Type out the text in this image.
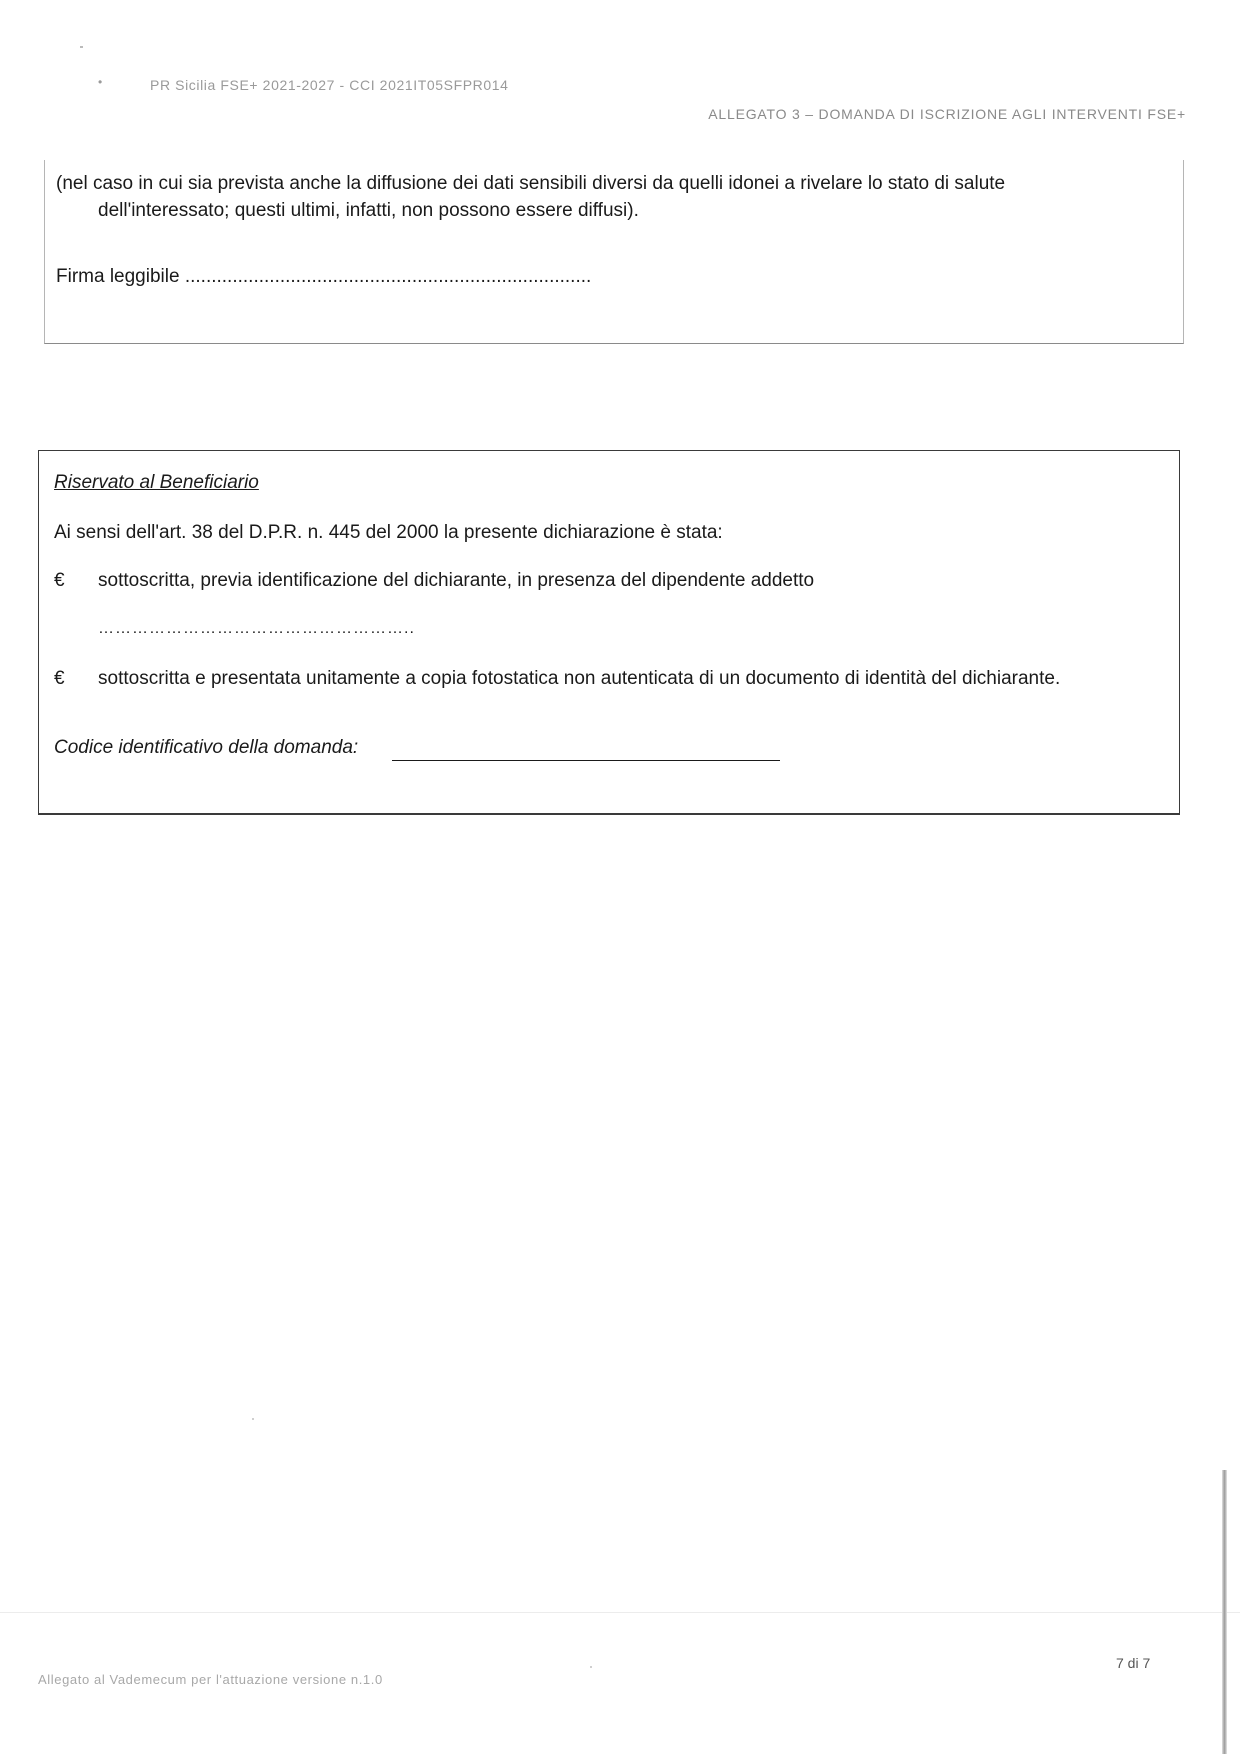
•	PR Sicilia FSE+ 2021-2027 - CCI 2021IT05SFPR014
ALLEGATO 3 – DOMANDA DI ISCRIZIONE AGLI INTERVENTI FSE+
(nel caso in cui sia prevista anche la diffusione dei dati sensibili diversi da quelli idonei a rivelare lo stato di salute
dell'interessato; questi ultimi, infatti, non possono essere diffusi).
Firma leggibile .............................................................................
Riservato al Beneficiario
Ai sensi dell'art. 38 del D.P.R. n. 445 del 2000 la presente dichiarazione è stata:
€ sottoscritta, previa identificazione del dichiarante, in presenza del dipendente addetto
………………………………………………..
€ sottoscritta e presentata unitamente a copia fotostatica non autenticata di un documento di identità del dichiarante.
Codice identificativo della domanda:
Allegato al Vademecum per l'attuazione versione n.1.0
7 di 7
